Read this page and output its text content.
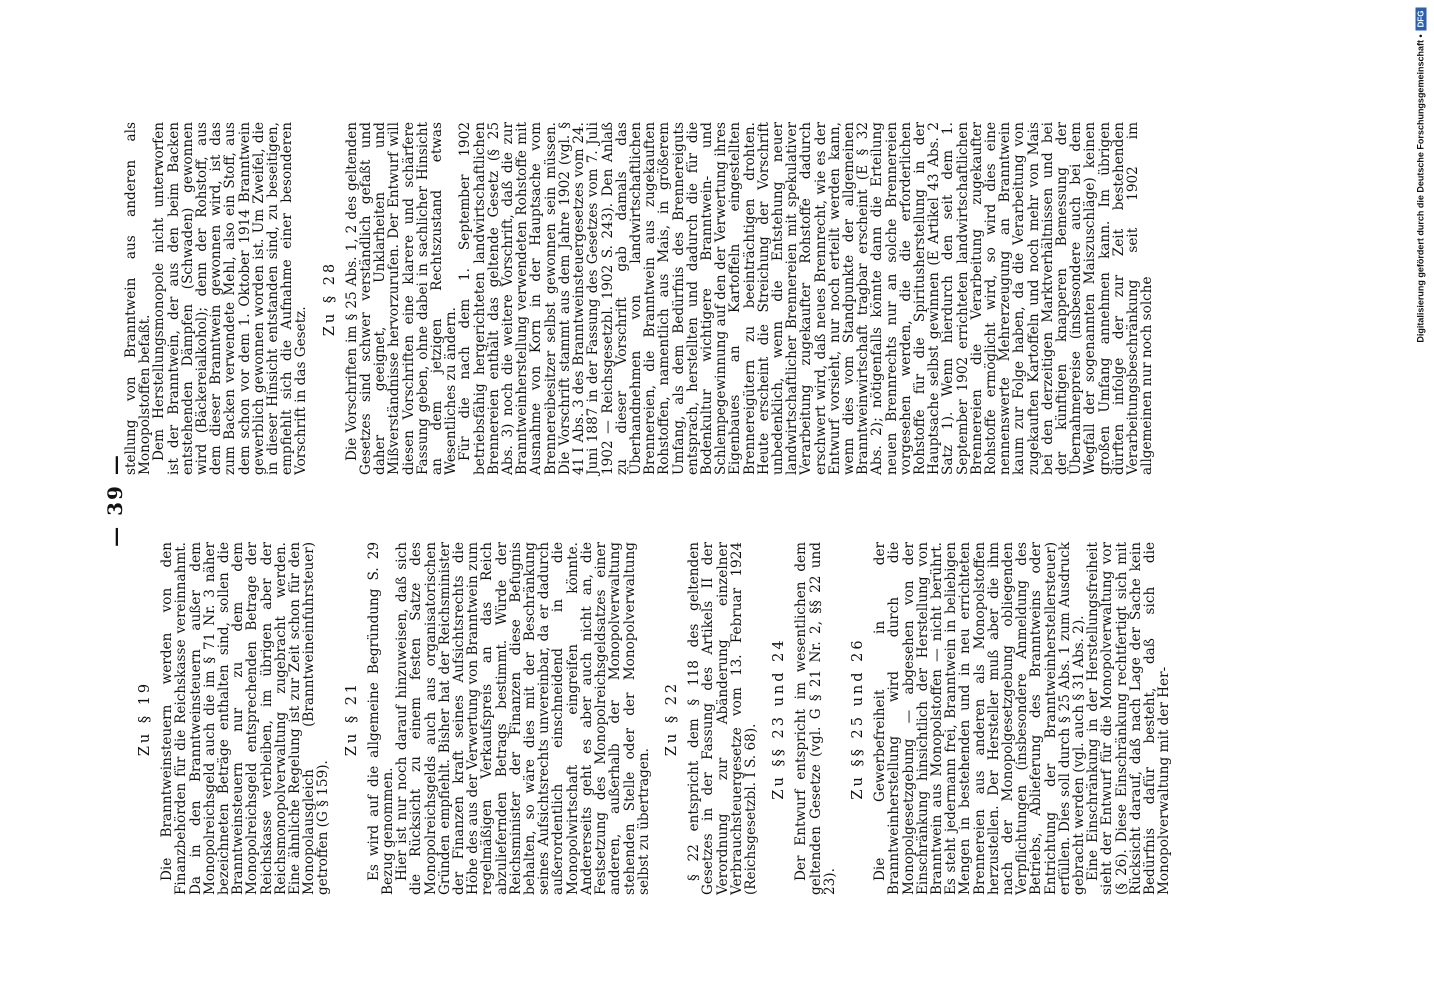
— 39 —
Zu § 19 Die Branntweinsteuern werden von den Finanzbehörden für die Reichskasse vereinnahmt. Da in den Branntweinsteuern außer dem Monopolreichsgeld auch die im § 71 Nr. 3 näher bezeichneten Beträge enthalten sind, sollen die Branntweinsteuern nur zu dem dem Monopolreichsgeld entsprechenden Betrage der Reichskasse verbleiben, im übrigen aber der Reichsmonopolverwaltung zugebracht werden. Eine ähnliche Regelung ist zur Zeit schon für den Monopolausgleich (Branntweineinfuhrsteuer) getroffen (G § 159).

Zu § 21 Es wird auf die allgemeine Begründung S. 29 Bezug genommen.

Hier ist nur noch darauf hinzuweisen, daß sich die Rücksicht zu einem festen Satze des Monopolreichsgelds auch aus organisatorischen Gründen empfiehlt. Bisher hat der Reichsminister der Finanzen kraft seines Aufsichtsrechts die Höhe des aus der Verwertung von Branntwein zum regelmäßigen Verkaufspreis an das Reich abzuliefernden Betrags bestimmt. Würde der Reichsminister der Finanzen diese Befugnis behalten, so wäre dies mit der Beschränkung seines Aufsichtsrechts unvereinbar, da er dadurch außerordentlich einschneidend in die Monopolwirtschaft eingreifen könnte. Andererseits geht es aber auch nicht an, die Festsetzung des Monopolreichsgeldsatzes einer anderen, außerhalb der Monopolverwaltung stehenden Stelle oder der Monopolverwaltung selbst zu übertragen.

Zu § 22 § 22 entspricht dem § 118 des geltenden Gesetzes in der Fassung des Artikels II der Verordnung zur Abänderung einzelner Verbrauchsteuergesetze vom 13. Februar 1924 (Reichsgesetzbl. I S. 68).

Zu §§ 23 und 24 Der Entwurf entspricht im wesentlichen dem geltenden Gesetze (vgl. G § 21 Nr. 2, §§ 22 und 23).

Zu §§ 25 und 26 Die Gewerbefreiheit in der Branntweinherstellung wird durch die Monopolgesetzgebung — abgesehen von der Einschränkung hinsichtlich der Herstellung von Branntwein aus Monopolstoffen — nicht berührt. Es steht jedermann frei, Branntwein in beliebigen Mengen in bestehenden und in neu errichteten Brennereien aus anderen als Monopolstoffen herzustellen. Der Hersteller muß aber die ihm nach der Monopolgesetzgebung obliegenden Verpflichtungen (insbesondere Anmeldung des Betriebs, Ablieferung des Branntweins oder Entrichtung der Branntweinherstellersteuer) erfüllen. Dies soll durch § 25 Abs. 1 zum Ausdruck gebracht werden (vgl. auch § 31 Abs. 2).

Eine Einschränkung in der Herstellungsfreiheit sieht der Entwurf für die Monopolverwaltung vor (§ 26). Diese Einschränkung rechtfertigt sich mit Rücksicht darauf, daß nach Lage der Sache kein Bedürfnis dafür besteht, daß sich die Monopolverwaltung mit der Her-

stellung von Branntwein aus anderen als Monopolstoffen befaßt.

Dem Herstellungsmonopole nicht unterworfen ist der Branntwein, der aus den beim Backen entstehenden Dämpfen (Schwaden) gewonnen wird (Bäckereialkohol); denn der Rohstoff, aus dem dieser Branntwein gewonnen wird, ist das zum Backen verwendete Mehl, also ein Stoff, aus dem schon vor dem 1. Oktober 1914 Branntwein gewerblich gewonnen worden ist. Um Zweifel, die in dieser Hinsicht entstanden sind, zu beseitigen, empfiehlt sich die Aufnahme einer besonderen Vorschrift in das Gesetz.

Zu § 28 Die Vorschriften im § 25 Abs. 1, 2 des geltenden Gesetzes sind schwer verständlich gefaßt und daher geeignet, Unklarheiten und Mißverständnisse hervorzurufen. Der Entwurf will diesen Vorschriften eine klarere und schärfere Fassung geben, ohne dabei in sachlicher Hinsicht an dem jetzigen Rechtszustand etwas Wesentliches zu ändern.

Für die nach dem 1. September 1902 betriebsfähig hergerichteten landwirtschaftlichen Brennereien enthält das geltende Gesetz (§ 25 Abs. 3) noch die weitere Vorschrift, daß die zur Branntweinherstellung verwendeten Rohstoffe mit Ausnahme von Korn in der Hauptsache vom Brennereibesitzer selbst gewonnen sein müssen. Die Vorschrift stammt aus dem Jahre 1902 (vgl. § 41 I Abs. 3 des Branntweinsteuergesetzes vom 24. Juni 1887 in der Fassung des Gesetzes vom 7. Juli 1902 — Reichsgesetzbl. 1902 S. 243). Den Anlaß zu dieser Vorschrift gab damals das Überhandnehmen von landwirtschaftlichen Brennereien, die Branntwein aus zugekauften Rohstoffen, namentlich aus Mais, in größerem Umfang, als dem Bedürfnis des Brennereiguts entsprach, herstellten und dadurch die für die Bodenkultur wichtigere Branntwein- und Schlempegewinnung auf den der Verwertung ihres Eigenbaues an Kartoffeln eingestellten Brennereigütern zu beeinträchtigen drohten. Heute erscheint die Streichung der Vorschrift unbedenklich, wenn die Entstehung neuer landwirtschaftlicher Brennereien mit spekulativer Verarbeitung zugekaufter Rohstoffe dadurch erschwert wird, daß neues Brennrecht, wie es der Entwurf vorsieht, nur noch erteilt werden kann, wenn dies vom Standpunkte der allgemeinen Branntweinwirtschaft tragbar erscheint (E § 32 Abs. 2); nötigenfalls könnte dann die Erteilung neuen Brennrechts nur an solche Brennereien vorgesehen werden, die die erforderlichen Rohstoffe für die Spiritusherstellung in der Hauptsache selbst gewinnen (E Artikel 43 Abs. 2 Satz 1). Wenn hierdurch den seit dem 1. September 1902 errichteten landwirtschaftlichen Brennereien die Verarbeitung zugekaufter Rohstoffe ermöglicht wird, so wird dies eine nennenswerte Mehrerzeugung an Branntwein kaum zur Folge haben, da die Verarbeitung von zugekauften Kartoffeln und noch mehr von Mais bei den derzeitigen Marktverhältnissen und bei der künftigen knapperen Bemessung der Übernahmepreise (insbesondere auch bei dem Wegfall der sogenannten Maiszuschläge) keinen großen Umfang annehmen kann. Im übrigen dürften infolge der zur Zeit bestehenden Verarbeitungsbeschränkung seit 1902 im allgemeinen nur noch solche

Digitalisierung gefördert durch die Deutsche Forschungsgemeinschaft •
DFG
